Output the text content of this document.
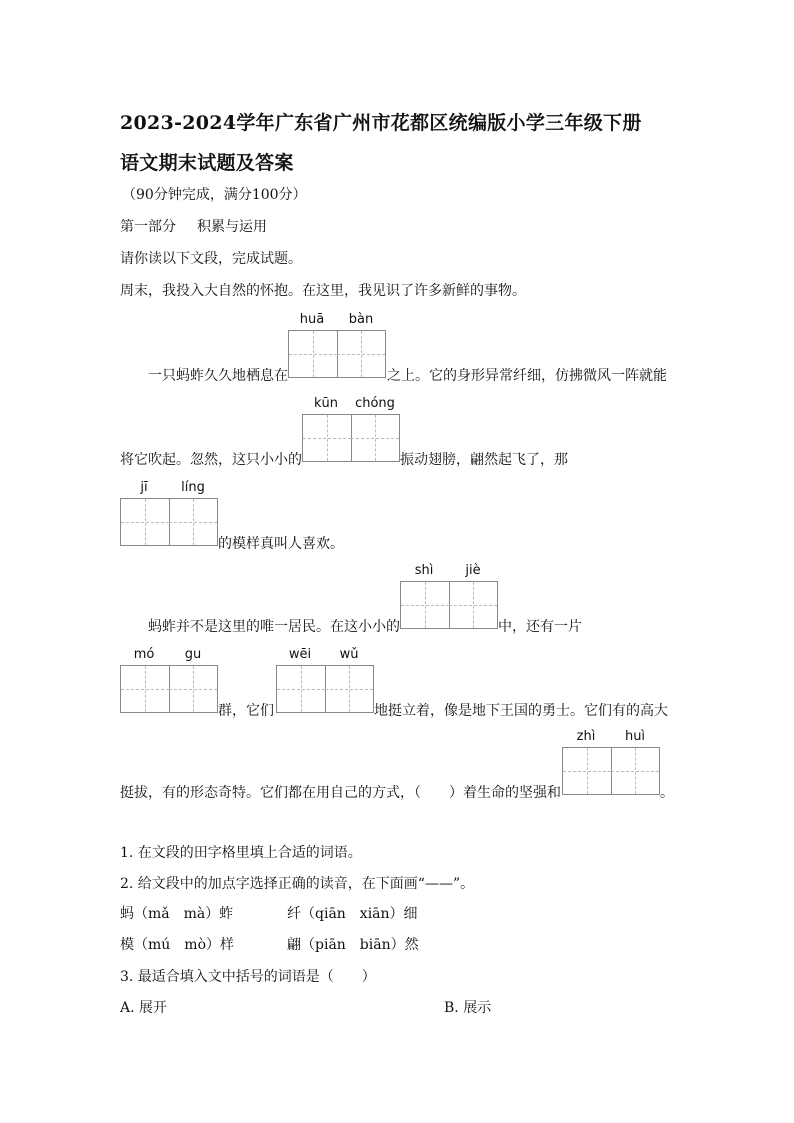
2023-2024学年广东省广州市花都区统编版小学三年级下册
语文期末试题及答案
（90分钟完成，满分100分）
第一部分 积累与运用
请你读以下文段，完成试题。
周末，我投入大自然的怀抱。在这里，我见识了许多新鲜的事物。
huā	bàn
一只蚂蚱久久地栖息在	之上。它的身形异常纤细，仿拂微风一阵就能
kūn	chóng
将它吹起。忽然，这只小小的	振动翅膀，翩然起飞了，那
jī	líng
的模样真叫人喜欢。
shì	jiè
蚂蚱并不是这里的唯一居民。在这小小的	中，还有一片
mó	gu
群，它们
wēi	wǔ
地挺立着，像是地下王国的勇士。它们有的高大
zhì	huì
挺拔，有的形态奇特。它们都在用自己的方式，（　　）着生命的坚强和	。
1. 在文段的田字格里填上合适的词语。
2. 给文段中的加点字选择正确的读音，在下面画“——”。
蚂（mǎ　mà）蚱	纤（qiān　xiān）细
模（mú　mò）样	翩（piān　biān）然
3. 最适合填入文中括号的词语是（　　）
A. 展开	B. 展示
